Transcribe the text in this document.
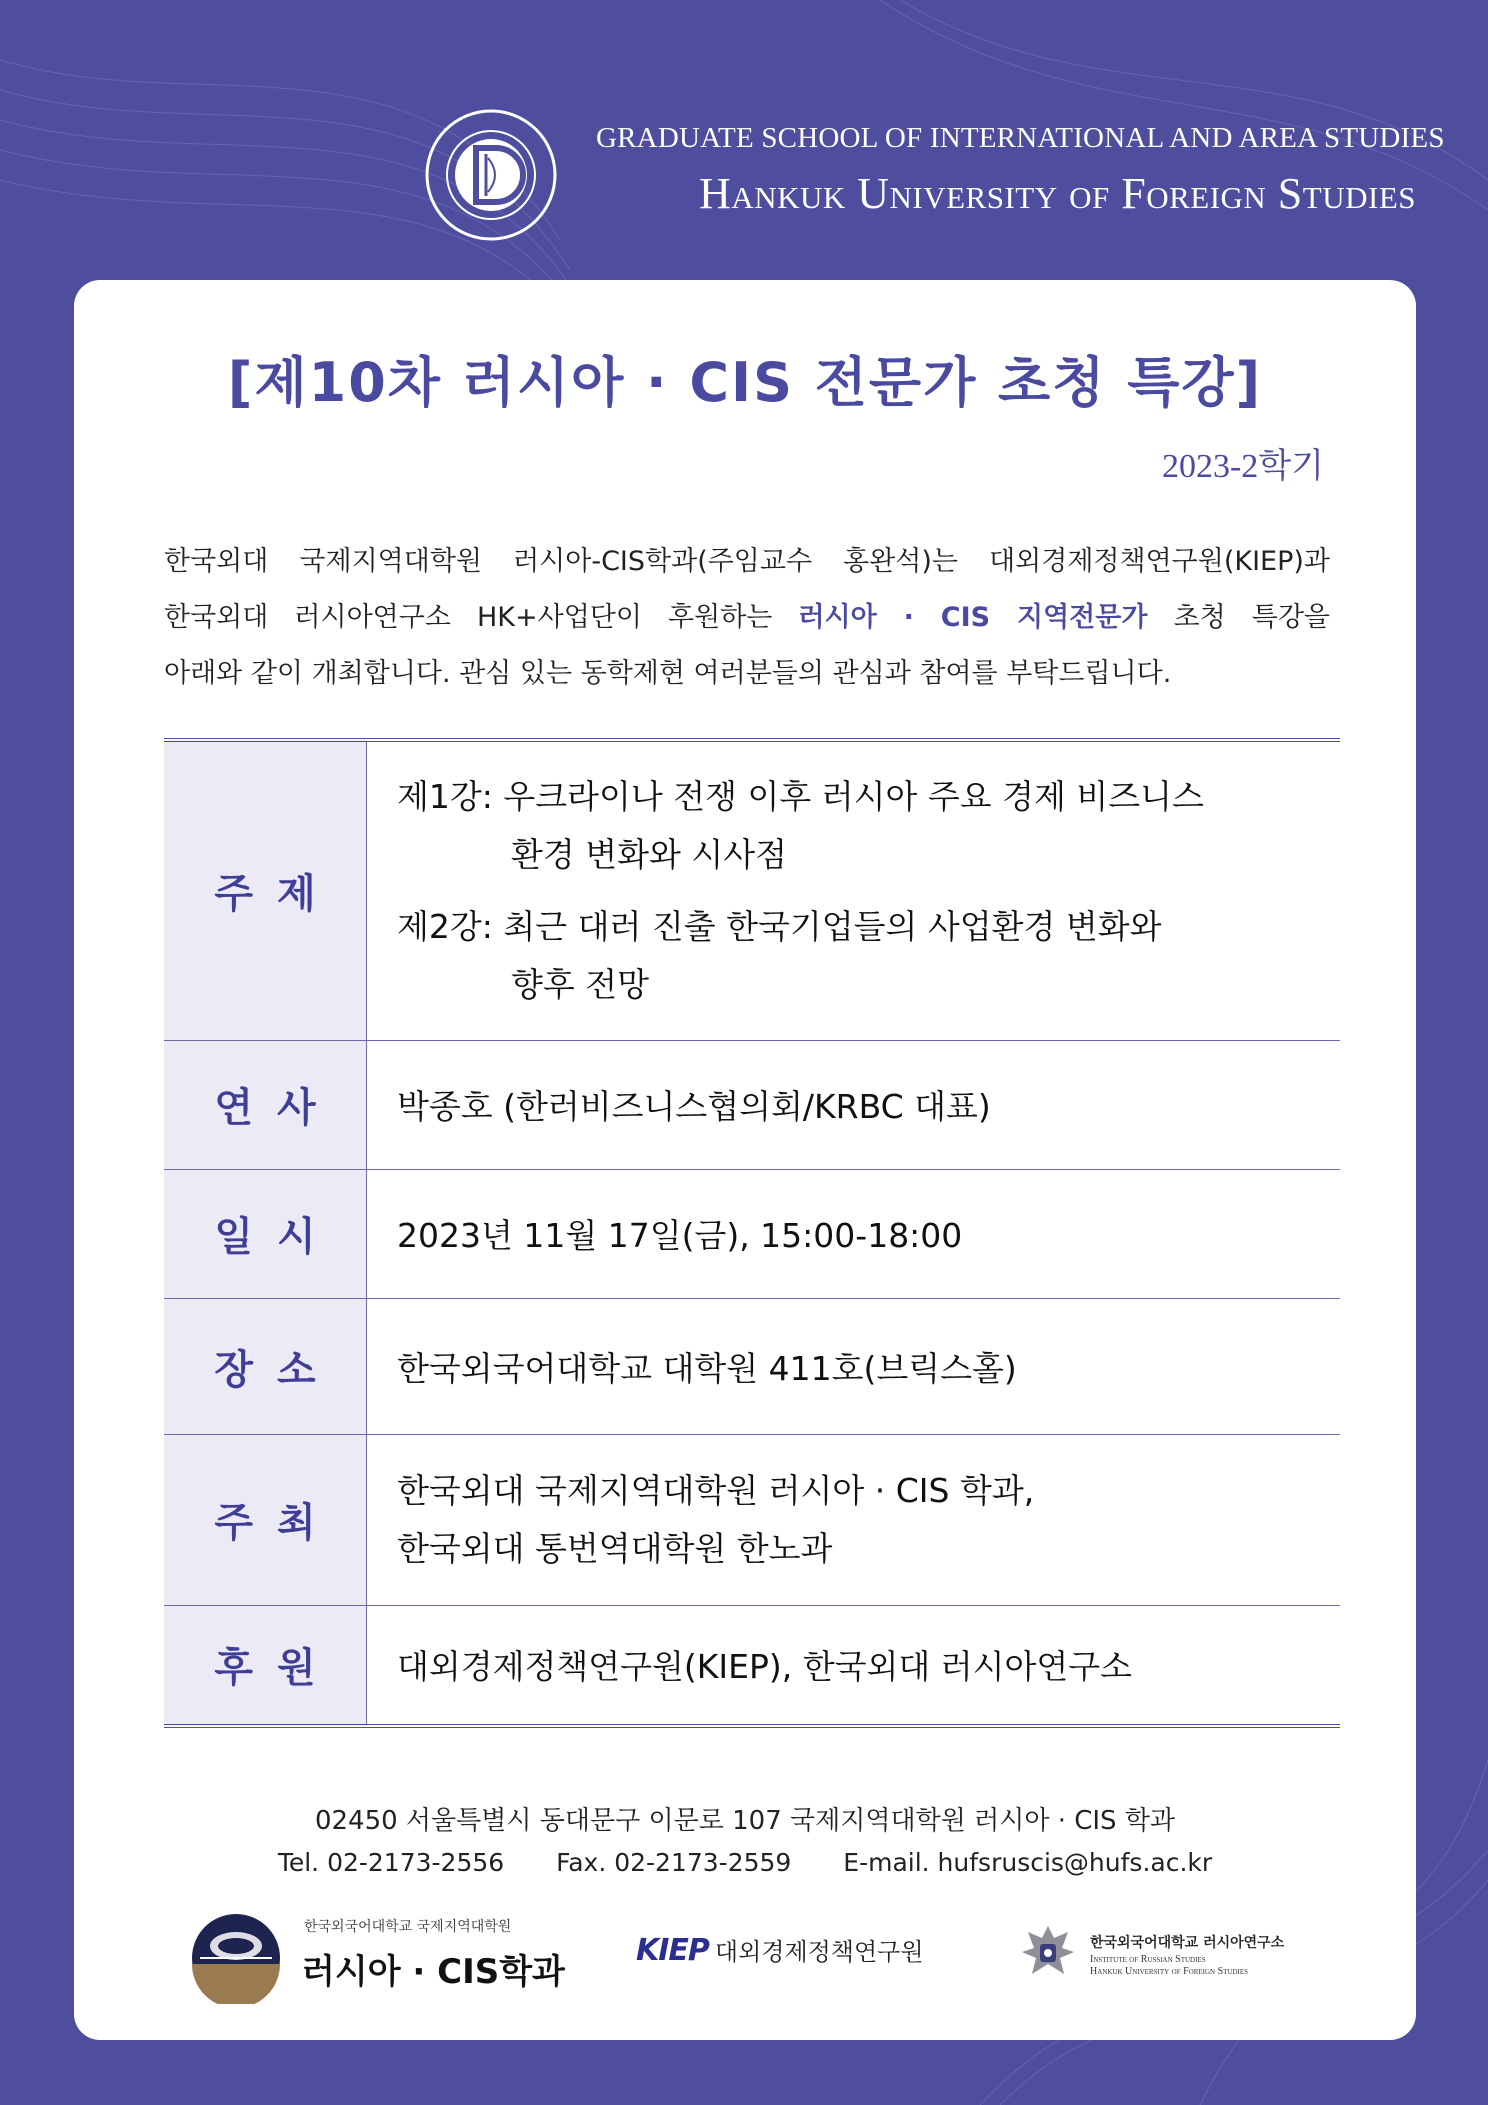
GRADUATE SCHOOL OF INTERNATIONAL AND AREA STUDIES
Hankuk University of Foreign Studies
[제10차 러시아 · CIS 전문가 초청 특강]
2023-2학기
한국외대 국제지역대학원 러시아-CIS학과(주임교수 홍완석)는 대외경제정책연구원(KIEP)과
한국외대 러시아연구소 HK+사업단이 후원하는 러시아 · CIS 지역전문가 초청 특강을
아래와 같이 개최합니다. 관심 있는 동학제현 여러분들의 관심과 참여를 부탁드립니다.
주제	제1강: 우크라이나 전쟁 이후 러시아 주요 경제 비즈니스
환경 변화와 시사점
제2강: 최근 대러 진출 한국기업들의 사업환경 변화와
향후 전망

연사	박종호 (한러비즈니스협의회/KRBC 대표)
일시	2023년 11월 17일(금), 15:00-18:00
장소	한국외국어대학교 대학원 411호(브릭스홀)
주최	한국외대 국제지역대학원 러시아 · CIS 학과,
한국외대 통번역대학원 한노과

후원	대외경제정책연구원(KIEP), 한국외대 러시아연구소
02450 서울특별시 동대문구 이문로 107 국제지역대학원 러시아 · CIS 학과
Tel. 02-2173-2556 Fax. 02-2173-2559 E-mail. hufsruscis@hufs.ac.kr
한국외국어대학교 국제지역대학원
러시아 · CIS학과
KIEP 대외경제정책연구원	한국외국어대학교 러시아연구소
Institute of Russian Studies
Hankuk University of Foreign Studies
